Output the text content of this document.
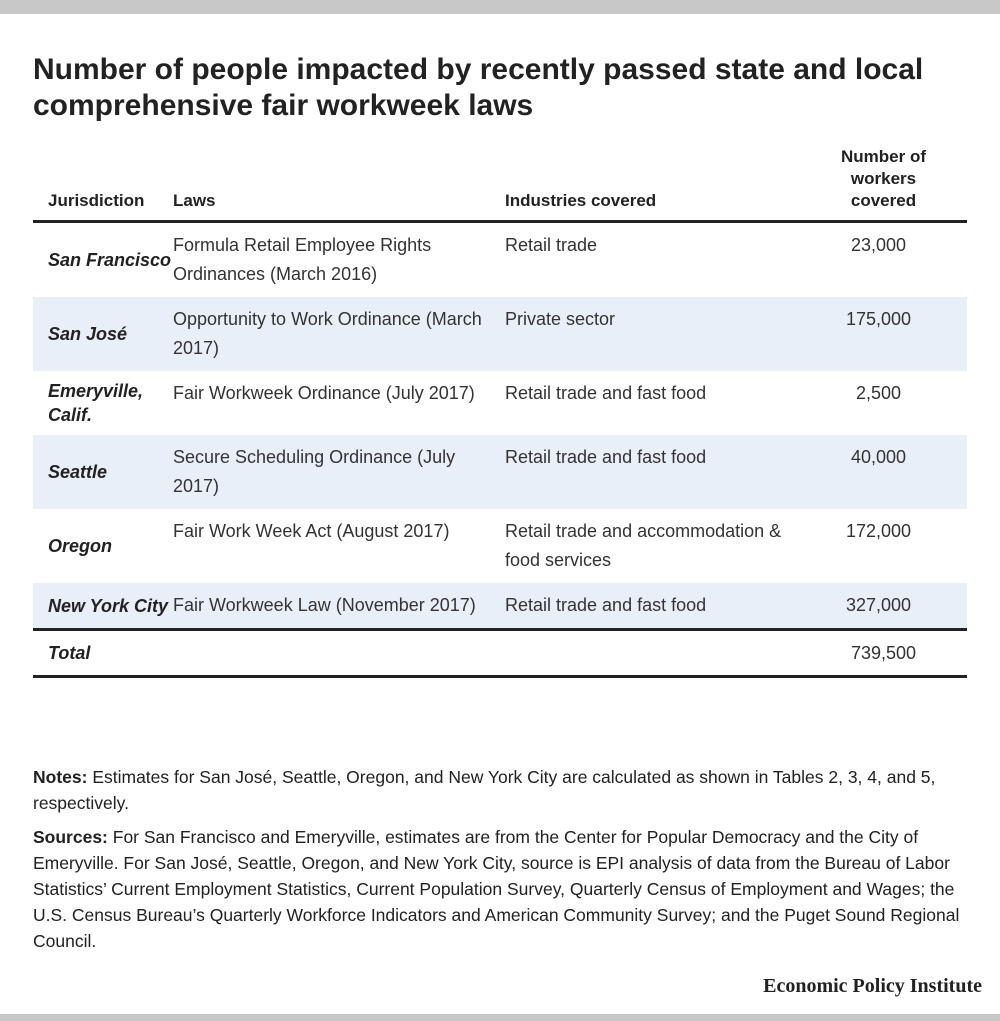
Number of people impacted by recently passed state and local comprehensive fair workweek laws
Jurisdiction	Laws	Industries covered	Number of workers covered
San Francisco	Formula Retail Employee Rights Ordinances (March 2016)	Retail trade	23,000
San José	Opportunity to Work Ordinance (March 2017)	Private sector	175,000
Emeryville, Calif.	Fair Workweek Ordinance (July 2017)	Retail trade and fast food	2,500
Seattle	Secure Scheduling Ordinance (July 2017)	Retail trade and fast food	40,000
Oregon	Fair Work Week Act (August 2017)	Retail trade and accommodation & food services	172,000
New York City	Fair Workweek Law (November 2017)	Retail trade and fast food	327,000
Total			739,500

Notes: Estimates for San José, Seattle, Oregon, and New York City are calculated as shown in Tables 2, 3, 4, and 5, respectively.

Sources: For San Francisco and Emeryville, estimates are from the Center for Popular Democracy and the City of Emeryville. For San José, Seattle, Oregon, and New York City, source is EPI analysis of data from the Bureau of Labor Statistics’ Current Employment Statistics, Current Population Survey, Quarterly Census of Employment and Wages; the U.S. Census Bureau’s Quarterly Workforce Indicators and American Community Survey; and the Puget Sound Regional Council.

Economic Policy Institute
